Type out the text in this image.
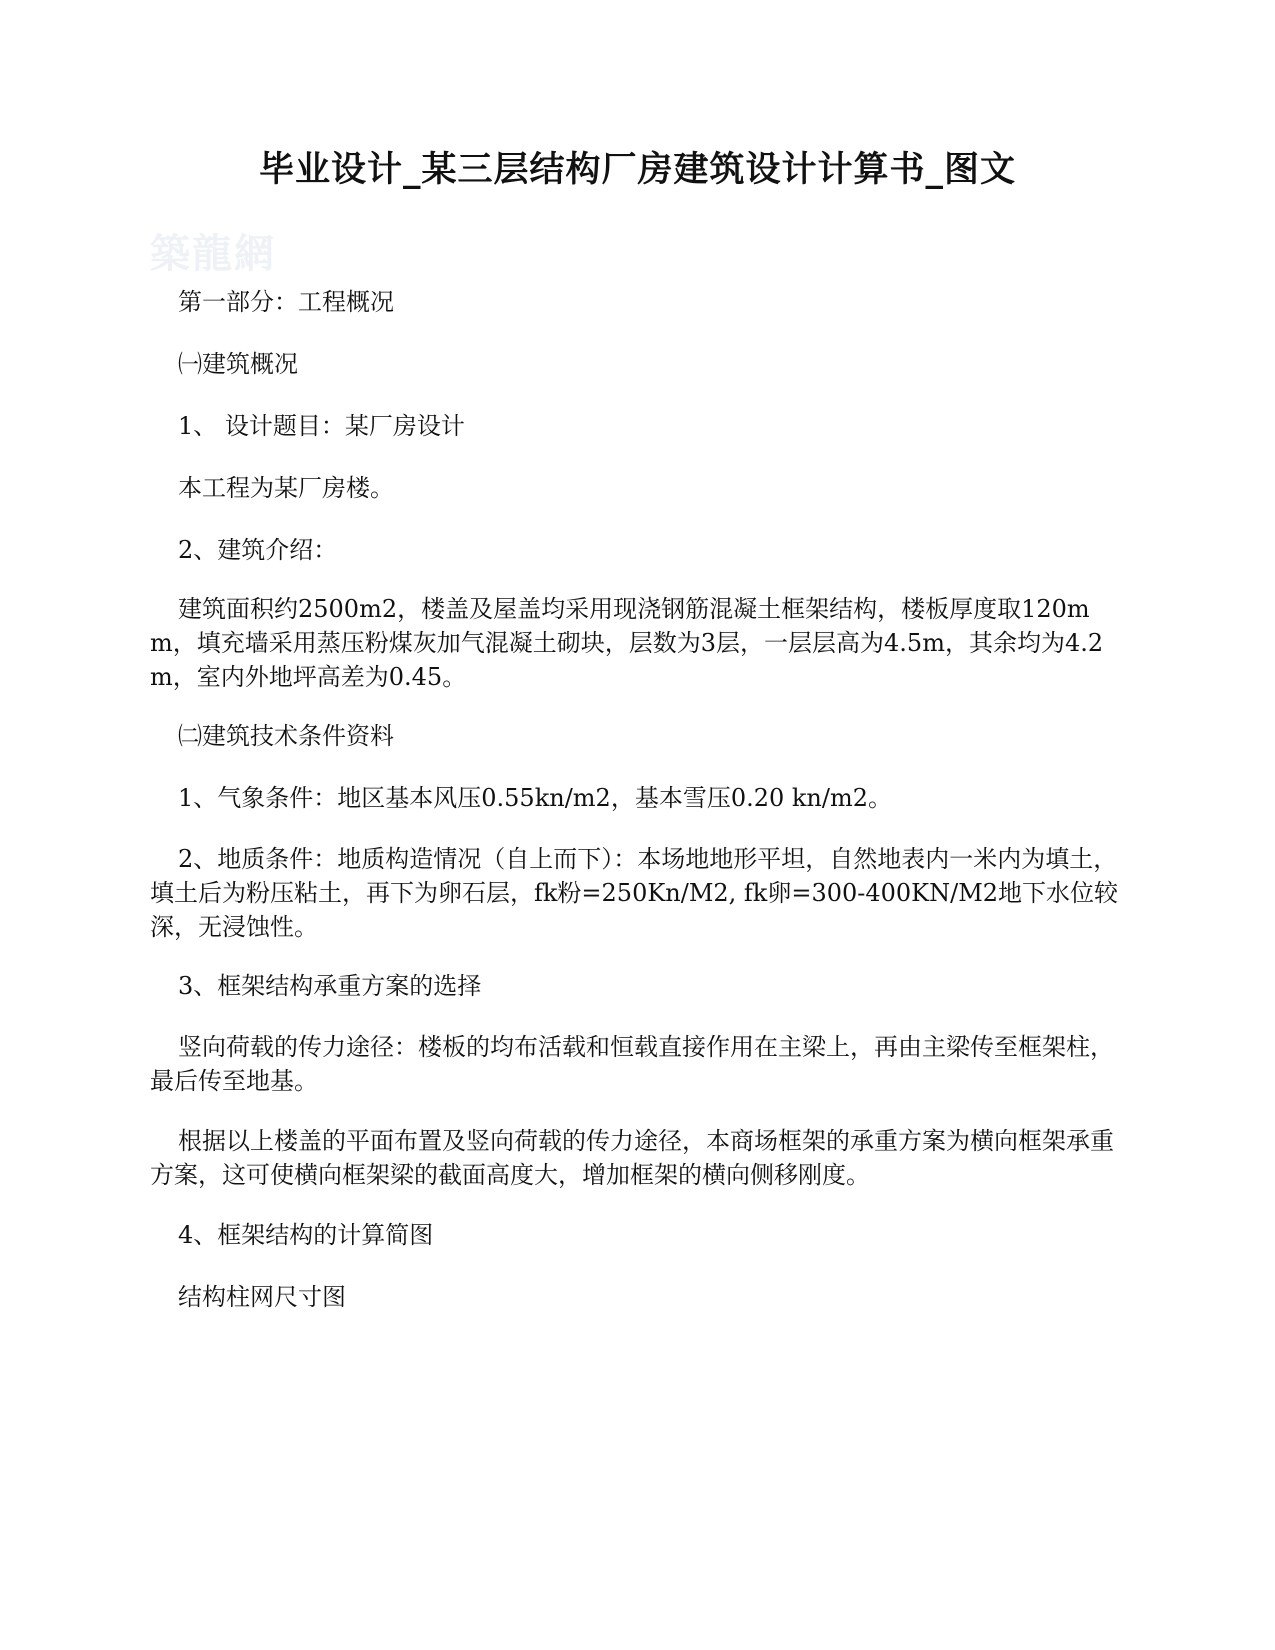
毕业设计_某三层结构厂房建筑设计计算书_图文
築龍網

第一部分：工程概况

㈠建筑概况

1、 设计题目：某厂房设计

本工程为某厂房楼。

2、建筑介绍：

建筑面积约2500m2，楼盖及屋盖均采用现浇钢筋混凝土框架结构，楼板厚度取120mm，填充墙采用蒸压粉煤灰加气混凝土砌块，层数为3层，一层层高为4.5m，其余均为4.2m，室内外地坪高差为0.45。

㈡建筑技术条件资料

1、气象条件：地区基本风压0.55kn/m2，基本雪压0.20 kn/m2。

2、地质条件：地质构造情况（自上而下）：本场地地形平坦，自然地表内一米内为填土，填土后为粉压粘土，再下为卵石层，fk粉=250Kn/M2, fk卵=300-400KN/M2地下水位较深，无浸蚀性。

3、框架结构承重方案的选择

竖向荷载的传力途径：楼板的均布活载和恒载直接作用在主梁上，再由主梁传至框架柱，最后传至地基。

根据以上楼盖的平面布置及竖向荷载的传力途径，本商场框架的承重方案为横向框架承重方案，这可使横向框架梁的截面高度大，增加框架的横向侧移刚度。

4、框架结构的计算简图

结构柱网尺寸图
